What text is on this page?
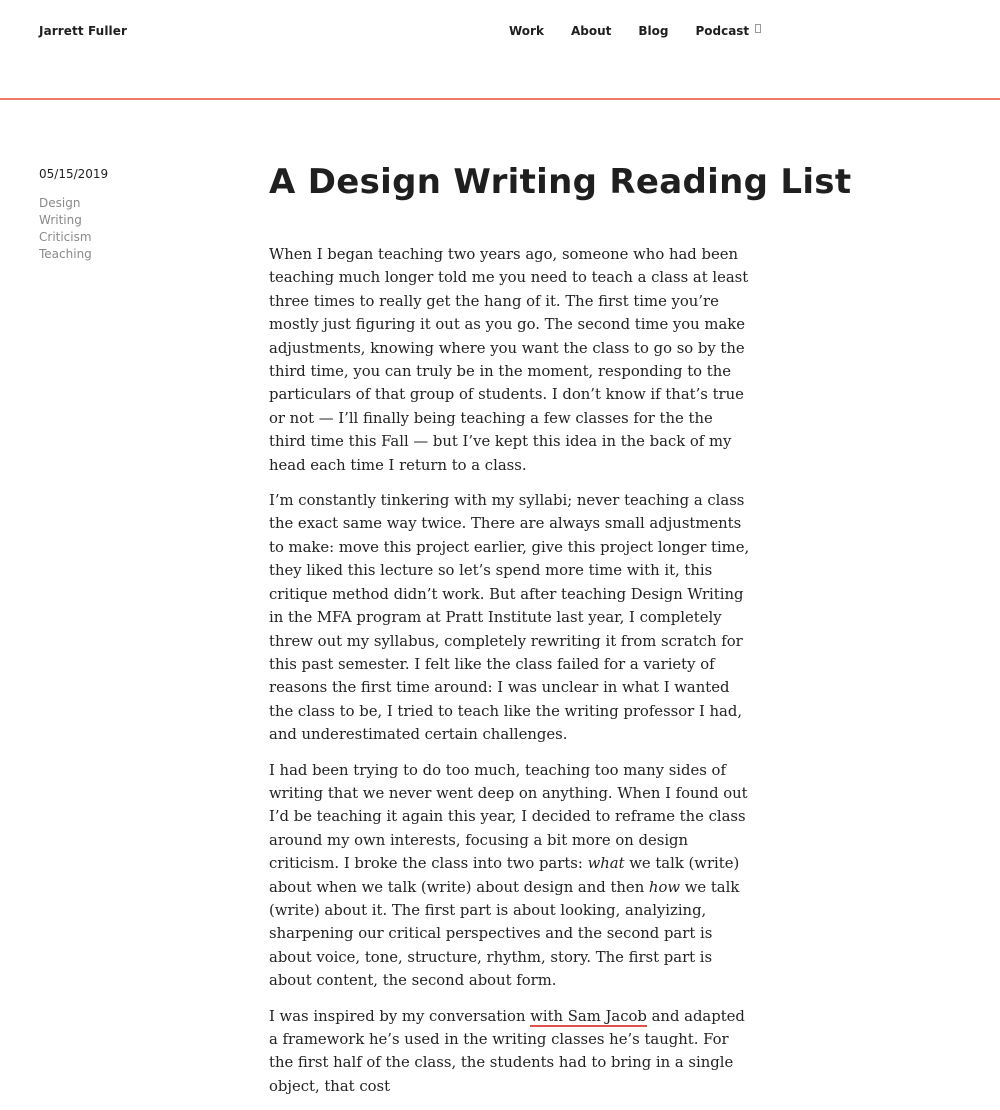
Jarrett Fuller	Work About Blog Podcast
05/15/2019
Design
Writing
Criticism
Teaching
A Design Writing Reading List

When I began teaching two years ago, someone who had been teaching much longer told me you need to teach a class at least three times to really get the hang of it. The first time you’re mostly just figuring it out as you go. The second time you make adjustments, knowing where you want the class to go so by the third time, you can truly be in the moment, responding to the particulars of that group of students. I don’t know if that’s true or not — I’ll finally being teaching a few classes for the the third time this Fall — but I’ve kept this idea in the back of my head each time I return to a class.

I’m constantly tinkering with my syllabi; never teaching a class the exact same way twice. There are always small adjustments to make: move this project earlier, give this project longer time, they liked this lecture so let’s spend more time with it, this critique method didn’t work. But after teaching Design Writing in the MFA program at Pratt Institute last year, I completely threw out my syllabus, completely rewriting it from scratch for this past semester. I felt like the class failed for a variety of reasons the first time around: I was unclear in what I wanted the class to be, I tried to teach like the writing professor I had, and underestimated certain challenges.

I had been trying to do too much, teaching too many sides of writing that we never went deep on anything. When I found out I’d be teaching it again this year, I decided to reframe the class around my own interests, focusing a bit more on design criticism. I broke the class into two parts: what we talk (write) about when we talk (write) about design and then how we talk (write) about it. The first part is about looking, analyizing, sharpening our critical perspectives and the second part is about voice, tone, structure, rhythm, story. The first part is about content, the second about form.

I was inspired by my conversation with Sam Jacob and adapted a framework he’s used in the writing classes he’s taught. For the first half of the class, the students had to bring in a single object, that cost
